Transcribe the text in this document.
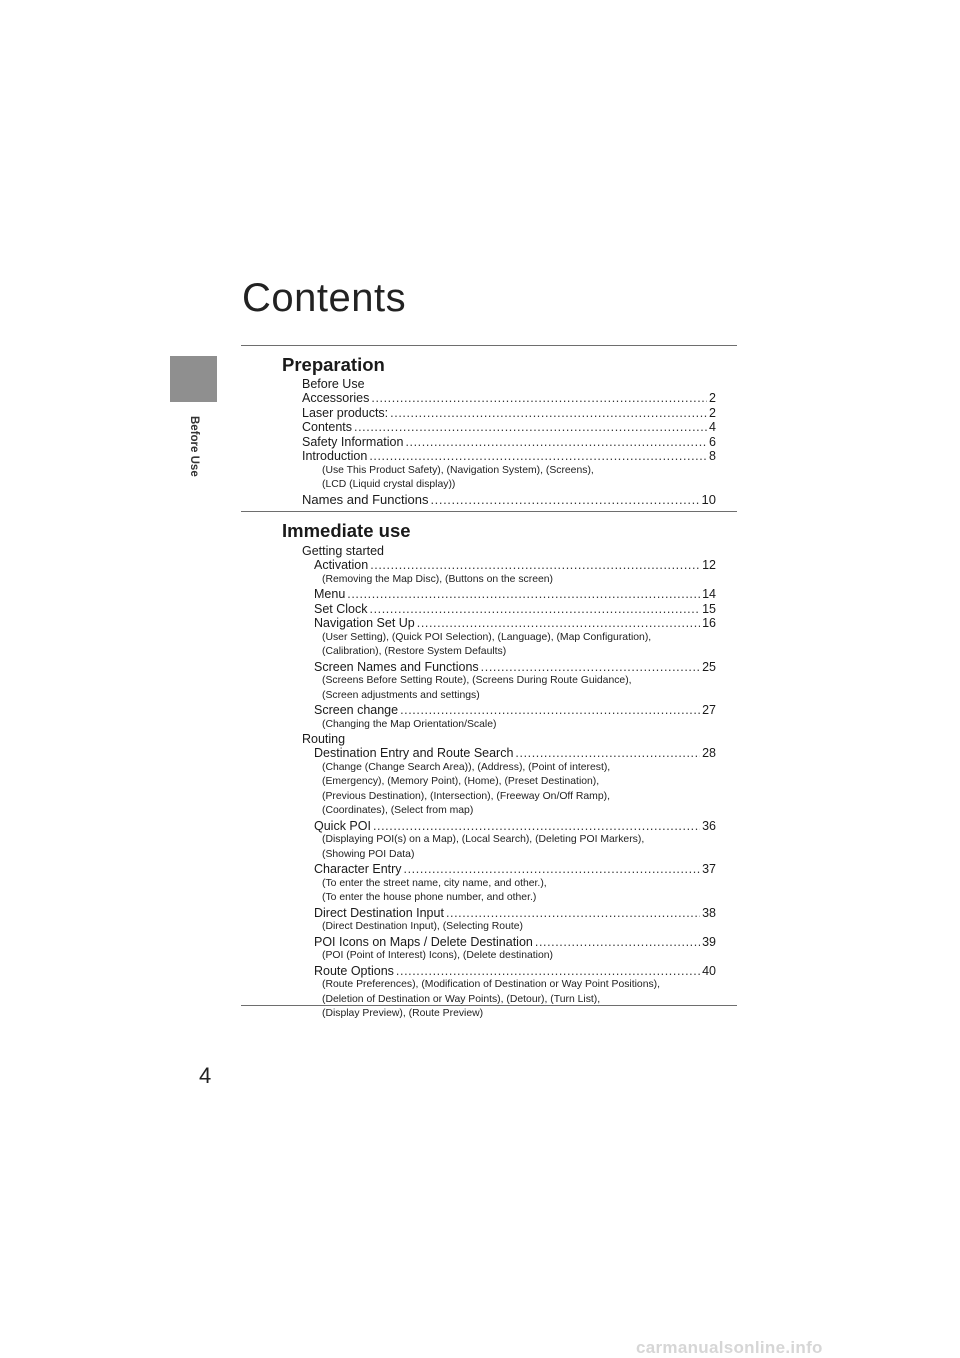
Before Use
Contents
Preparation
Before Use
Accessories .....	2
Laser products: .....	2
Contents .....	4
Safety Information .....	6
Introduction .....	8
(Use This Product Safety), (Navigation System), (Screens),
(LCD (Liquid crystal display))
Names and Functions .....	10
Immediate use
Getting started
Activation .....	12
(Removing the Map Disc), (Buttons on the screen)
Menu .....	14
Set Clock .....	15
Navigation Set Up .....	16
(User Setting), (Quick POI Selection), (Language), (Map Configuration),
(Calibration), (Restore System Defaults)
Screen Names and Functions .....	25
(Screens Before Setting Route), (Screens During Route Guidance),
(Screen adjustments and settings)
Screen change .....	27
(Changing the Map Orientation/Scale)
Routing
Destination Entry and Route Search .....	28
(Change (Change Search Area)), (Address), (Point of interest),
(Emergency), (Memory Point), (Home), (Preset Destination),
(Previous Destination), (Intersection), (Freeway On/Off Ramp),
(Coordinates), (Select from map)
Quick POI .....	36
(Displaying POI(s) on a Map), (Local Search), (Deleting POI Markers),
(Showing POI Data)
Character Entry .....	37
(To enter the street name, city name, and other.),
(To enter the house phone number, and other.)
Direct Destination Input .....	38
(Direct Destination Input), (Selecting Route)
POI Icons on Maps / Delete Destination .....	39
(POI (Point of Interest) Icons), (Delete destination)
Route Options .....	40
(Route Preferences), (Modification of Destination or Way Point Positions),
(Deletion of Destination or Way Points), (Detour), (Turn List),
(Display Preview), (Route Preview)
4
carmanualsonline.info
